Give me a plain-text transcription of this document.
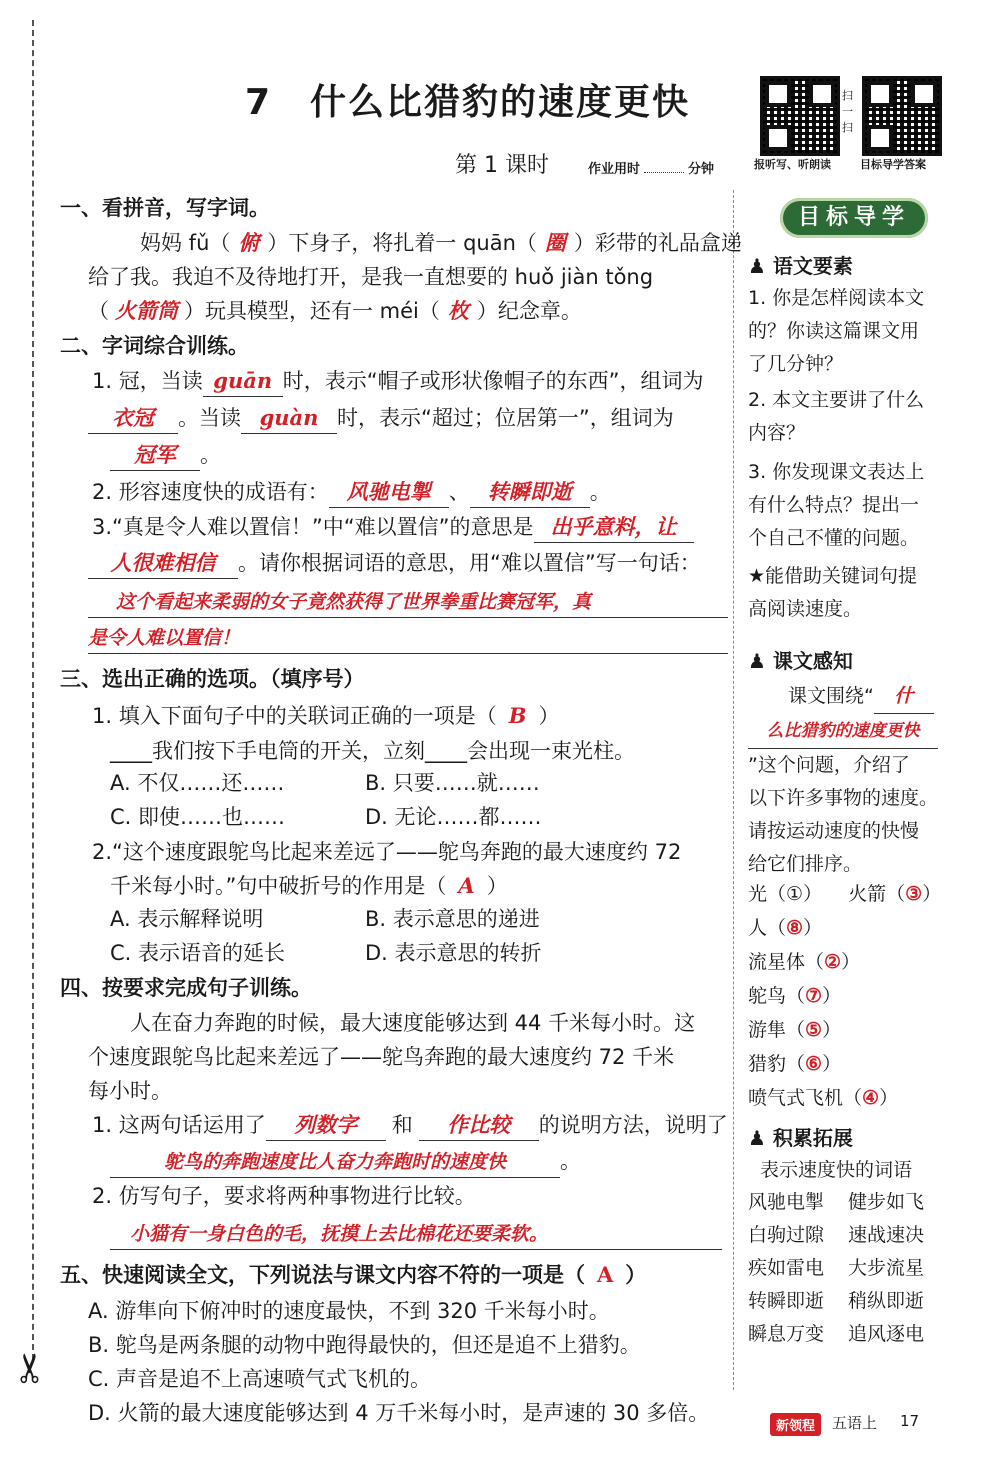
✂
7　什么比猎豹的速度更快
第 1 课时	作业用时	分钟
扫一扫
报听写、听朗读	目标导学答案
一、看拼音，写字词。
妈妈 fǔ（ 俯 ）下身子，将扎着一 quān（ 圈 ）彩带的礼品盒递
给了我。我迫不及待地打开，是我一直想要的 huǒ jiàn tǒng
（ 火箭筒 ）玩具模型，还有一 méi（ 枚 ）纪念章。
二、字词综合训练。
1. 冠，当读 guān 时，表示“帽子或形状像帽子的东西”，组词为
衣冠 。当读 guàn 时，表示“超过；位居第一”，组词为
冠军 。
2. 形容速度快的成语有： 风驰电掣 、 转瞬即逝 。
3.“真是令人难以置信！”中“难以置信”的意思是 出乎意料，让
人很难相信 。请你根据词语的意思，用“难以置信”写一句话：
这个看起来柔弱的女子竟然获得了世界拳重比赛冠军，真
是令人难以置信！
三、选出正确的选项。（填序号）
1. 填入下面句子中的关联词正确的一项是（ B ）
____我们按下手电筒的开关，立刻____会出现一束光柱。
A. 不仅……还……	B. 只要……就……
C. 即使……也……	D. 无论……都……
2.“这个速度跟鸵鸟比起来差远了——鸵鸟奔跑的最大速度约 72
千米每小时。”句中破折号的作用是（ A ）
A. 表示解释说明	B. 表示意思的递进
C. 表示语音的延长	D. 表示意思的转折
四、按要求完成句子训练。
人在奋力奔跑的时候，最大速度能够达到 44 千米每小时。这
个速度跟鸵鸟比起来差远了——鸵鸟奔跑的最大速度约 72 千米
每小时。
1. 这两句话运用了 列数字 和 作比较 的说明方法，说明了
鸵鸟的奔跑速度比人奋力奔跑时的速度快	。
2. 仿写句子，要求将两种事物进行比较。
小猫有一身白色的毛，抚摸上去比棉花还要柔软。
五、快速阅读全文，下列说法与课文内容不符的一项是（ A ）
A. 游隼向下俯冲时的速度最快，不到 320 千米每小时。
B. 鸵鸟是两条腿的动物中跑得最快的，但还是追不上猎豹。
C. 声音是追不上高速喷气式飞机的。
D. 火箭的最大速度能够达到 4 万千米每小时，是声速的 30 多倍。
目标导学
♟ 语文要素
1. 你是怎样阅读本文
的？你读这篇课文用
了几分钟？
2. 本文主要讲了什么
内容？
3. 你发现课文表达上
有什么特点？提出一
个自己不懂的问题。
★能借助关键词句提
高阅读速度。
♟ 课文感知
课文围绕“ 什
么比猎豹的速度更快
”这个问题，介绍了
以下许多事物的速度。
请按运动速度的快慢
给它们排序。
光（①） 火箭（③）
人（⑧）
流星体（②）
鸵鸟（⑦）
游隼（⑤）
猎豹（⑥）
喷气式飞机（④）
♟ 积累拓展
表示速度快的词语
风驰电掣 健步如飞
白驹过隙 速战速决
疾如雷电 大步流星
转瞬即逝 稍纵即逝
瞬息万变 追风逐电
新领程	五语上 17
